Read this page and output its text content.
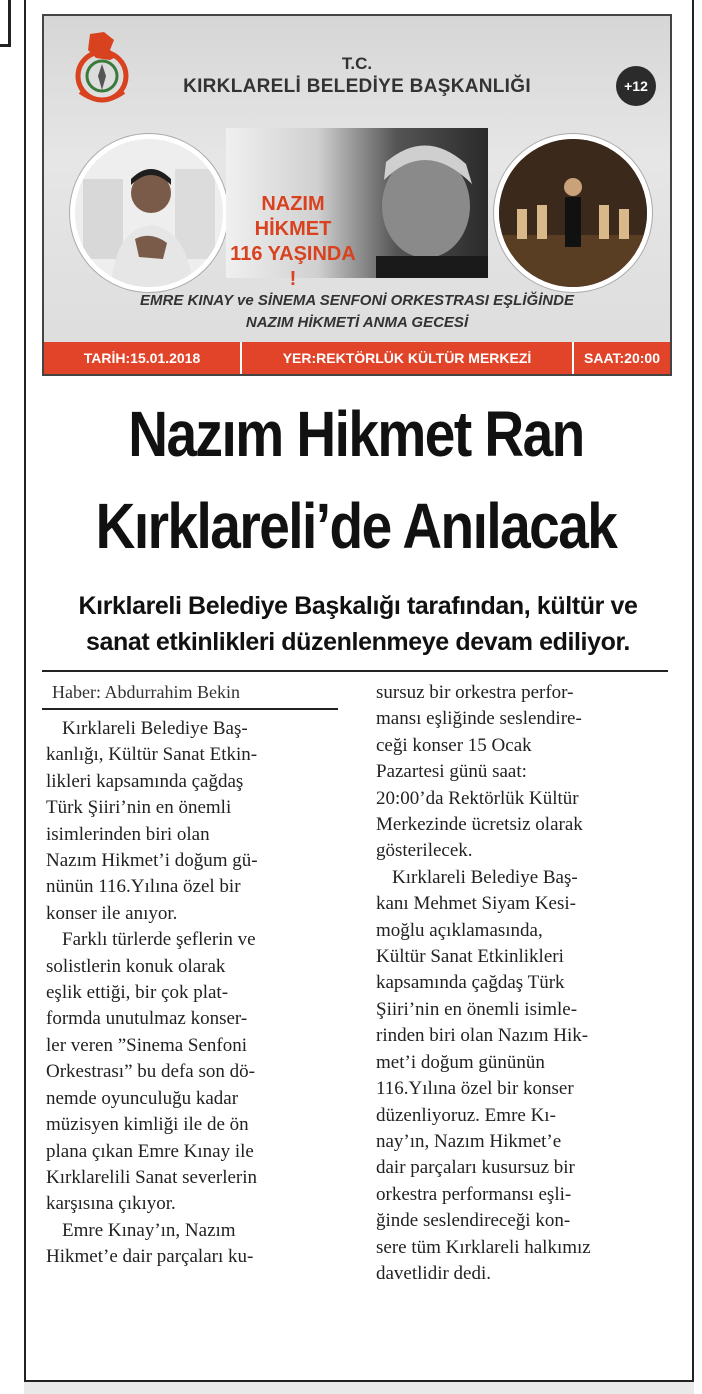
T.C.
KIRKLARELİ BELEDİYE BAŞKANLIĞI	+12
NAZIM
HİKMET
116 YAŞINDA !
EMRE KINAY ve SİNEMA SENFONİ ORKESTRASI EŞLİĞİNDE
NAZIM HİKMETİ ANMA GECESİ
TARİH:15.01.2018	YER:REKTÖRLÜK KÜLTÜR MERKEZİ	SAAT:20:00
Nazım Hikmet Ran
Kırklareli’de Anılacak
Kırklareli Belediye Başkalığı tarafından, kültür ve
sanat etkinlikleri düzenlenmeye devam ediliyor.
Haber: Abdurrahim Bekin

Kırklareli Belediye Baş-
kanlığı, Kültür Sanat Etkin-
likleri kapsamında çağdaş
Türk Şiiri’nin en önemli
isimlerinden biri olan
Nazım Hikmet’i doğum gü-
nünün 116.Yılına özel bir
konser ile anıyor.

Farklı türlerde şeflerin ve
solistlerin konuk olarak
eşlik ettiği, bir çok plat-
formda unutulmaz konser-
ler veren ”Sinema Senfoni
Orkestrası” bu defa son dö-
nemde oyunculuğu kadar
müzisyen kimliği ile de ön
plana çıkan Emre Kınay ile
Kırklarelili Sanat severlerin
karşısına çıkıyor.

Emre Kınay’ın, Nazım
Hikmet’e dair parçaları ku-

sursuz bir orkestra perfor-
mansı eşliğinde seslendire-
ceği konser 15 Ocak
Pazartesi günü saat:
20:00’da Rektörlük Kültür
Merkezinde ücretsiz olarak
gösterilecek.

Kırklareli Belediye Baş-
kanı Mehmet Siyam Kesi-
moğlu açıklamasında,
Kültür Sanat Etkinlikleri
kapsamında çağdaş Türk
Şiiri’nin en önemli isimle-
rinden biri olan Nazım Hik-
met’i doğum gününün
116.Yılına özel bir konser
düzenliyoruz. Emre Kı-
nay’ın, Nazım Hikmet’e
dair parçaları kusursuz bir
orkestra performansı eşli-
ğinde seslendireceği kon-
sere tüm Kırklareli halkımız
davetlidir dedi.
